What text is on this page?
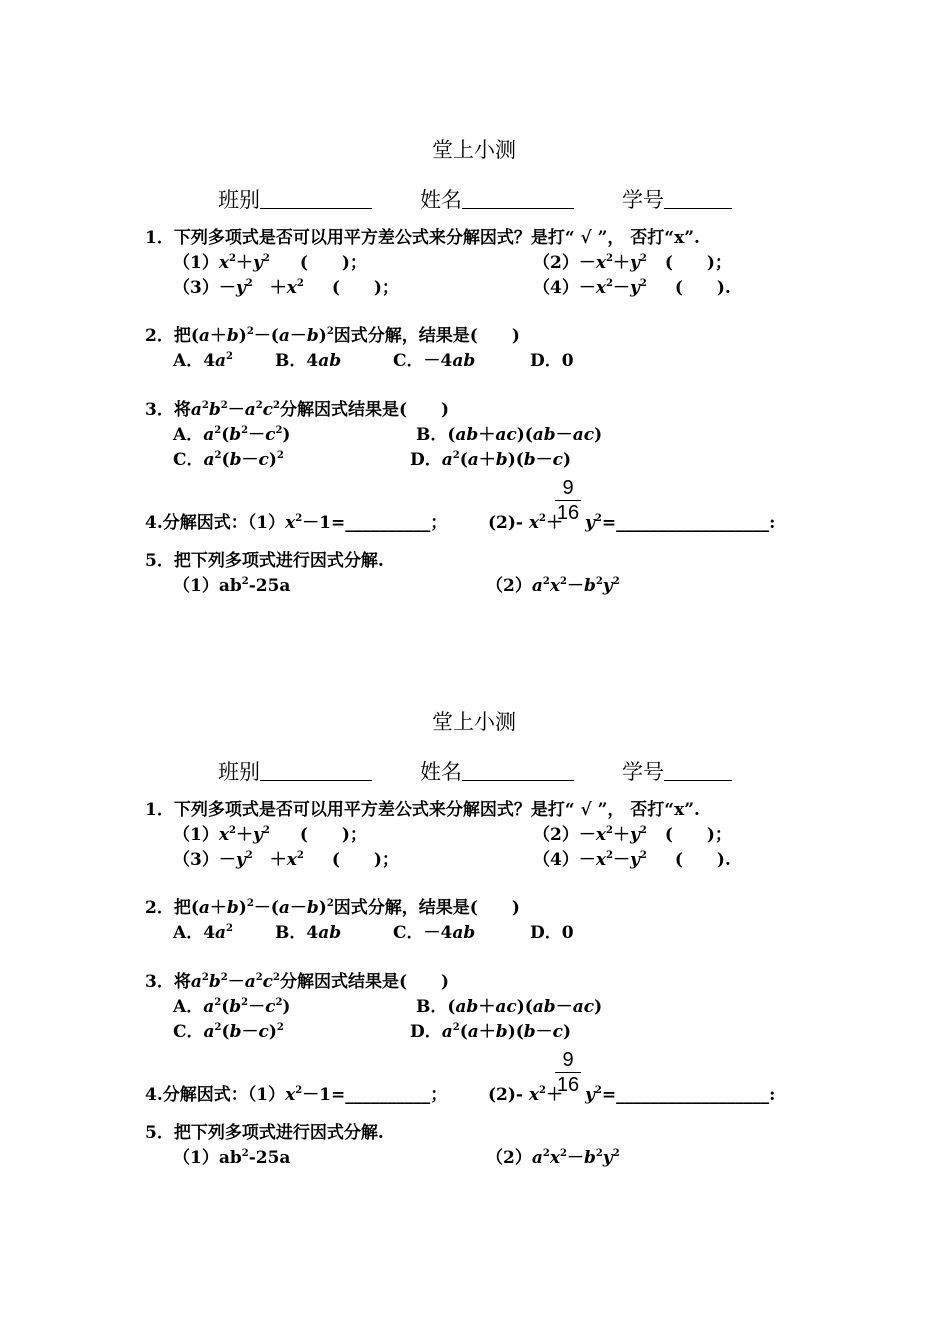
堂上小测
班别	姓名	学号
1．下列多项式是否可以用平方差公式来分解因式？是打“ √ ”， 否打“x”.
$(1)x^2+y^2$ (　　)；	$(2)-x^2+y^2$ (　　)；
$(3)-y^2$　$+x^2$ (　　)；	$(4)-x^2-y^2$ (　　).
2．把$(a+b)^2-(a-b)^2$因式分解，结果是(　　)
A．$4a^2$ B．4ab	C．－4ab	D．0
3．将$a^2b^2-a^2c^2$分解因式结果是(　　)
A．$a^2(b^2-c^2)$	B．(ab＋ac)(ab－ac)
C．$a^2(b-c)^2$	D．$a^2(a+b)(b-c)$
$\frac{9}{16}$
4.分解因式：$(1)x^2-1=\_\_\_\_\_\_\_\_\_\_$； (2)- $x^2+$ $y^2=\_\_\_\_\_\_\_\_\_\_\_\_\_\_\_\_\_\_$:
5．把下列多项式进行因式分解.
$(1)ab^2-25a$	$(2)a^2x^2-b^2y^2$
堂上小测
班别	姓名	学号
1．下列多项式是否可以用平方差公式来分解因式？是打“ √ ”， 否打“x”.
$(1)x^2+y^2$ (　　)；	$(2)-x^2+y^2$ (　　)；
$(3)-y^2$　$+x^2$ (　　)；	$(4)-x^2-y^2$ (　　).
2．把$(a+b)^2-(a-b)^2$因式分解，结果是(　　)
A．$4a^2$ B．4ab	C．－4ab	D．0
3．将$a^2b^2-a^2c^2$分解因式结果是(　　)
A．$a^2(b^2-c^2)$	B．(ab＋ac)(ab－ac)
C．$a^2(b-c)^2$	D．$a^2(a+b)(b-c)$
$\frac{9}{16}$
4.分解因式：$(1)x^2-1=\_\_\_\_\_\_\_\_\_\_$； (2)- $x^2+$ $y^2=\_\_\_\_\_\_\_\_\_\_\_\_\_\_\_\_\_\_$:
5．把下列多项式进行因式分解.
$(1)ab^2-25a$	$(2)a^2x^2-b^2y^2$
